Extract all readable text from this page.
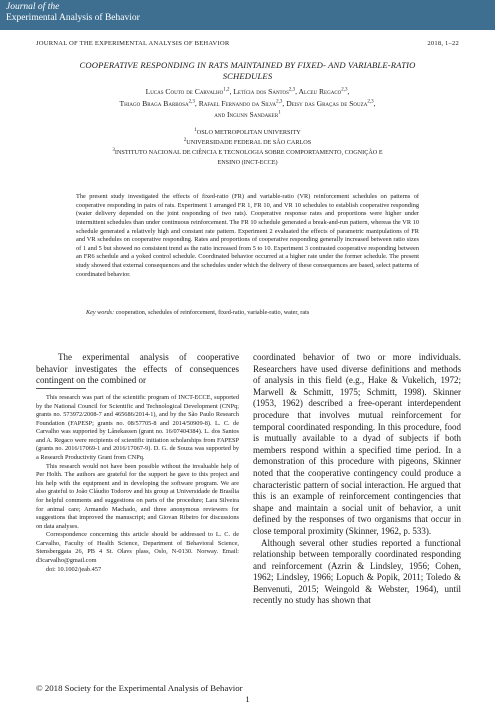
Journal of the
Experimental Analysis of Behavior
JOURNAL OF THE EXPERIMENTAL ANALYSIS OF BEHAVIOR	2018, 1–22
COOPERATIVE RESPONDING IN RATS MAINTAINED BY FIXED- AND VARIABLE-RATIO SCHEDULES
Lucas Couto de Carvalho$^{1,2}$, Letícia dos Santos$^{2,3}$, Alceu Regaco$^{2,3}$,
Thiago Braga Barbosa$^{2,3}$, Rafael Fernando da Silva$^{2,3}$, Deisy das Graças de Souza$^{2,3}$,
and Ingunn Sandaker$^1$
$^1$OSLO METROPOLITAN UNIVERSITY
$^2$UNIVERSIDADE FEDERAL DE SÃO CARLOS
$^3$INSTITUTO NACIONAL DE CIÊNCIA E TECNOLOGIA SOBRE COMPORTAMENTO, COGNIÇÃO E ENSINO (INCT-ECCE)
The present study investigated the effects of fixed-ratio (FR) and variable-ratio (VR) reinforcement schedules on patterns of cooperative responding in pairs of rats. Experiment 1 arranged FR 1, FR 10, and VR 10 schedules to establish cooperative responding (water delivery depended on the joint responding of two rats). Cooperative response rates and proportions were higher under intermittent schedules than under continuous reinforcement. The FR 10 schedule generated a break-and-run pattern, whereas the VR 10 schedule generated a relatively high and constant rate pattern. Experiment 2 evaluated the effects of parametric manipulations of FR and VR schedules on cooperative responding. Rates and proportions of cooperative responding generally increased between ratio sizes of 1 and 5 but showed no consistent trend as the ratio increased from 5 to 10. Experiment 3 contrasted cooperative responding between an FR6 schedule and a yoked control schedule. Coordinated behavior occurred at a higher rate under the former schedule. The present study showed that external consequences and the schedules under which the delivery of these consequences are based, select patterns of coordinated behavior.
Key words: cooperation, schedules of reinforcement, fixed-ratio, variable-ratio, water, rats
The experimental analysis of cooperative behavior investigates the effects of consequences contingent on the combined or

This research was part of the scientific program of INCT-ECCE, supported by the National Council for Scientific and Technological Development (CNPq; grants no. 573972/2008-7 and 465686/2014-1), and by the São Paulo Research Foundation (FAPESP; grants no. 08/57705-8 and 2014/50909-8). L. C. de Carvalho was supported by Lånekassen (grant no. 16/07404384). L. dos Santos and A. Regaco were recipients of scientific initiation scholarships from FAPESP (grants no. 2016/17069-1 and 2016/17067-9). D. G. de Souza was supported by a Research Productivity Grant from CNPq.

This research would not have been possible without the invaluable help of Per Holth. The authors are grateful for the support he gave to this project and his help with the equipment and in developing the software program. We are also grateful to João Cláudio Todorov and his group at Universidade de Brasília for helpful comments and suggestions on parts of the procedure; Lara Silveira for animal care; Armando Machado, and three anonymous reviewers for suggestions that improved the manuscript; and Giovan Ribeiro for discussions on data analyses.

Correspondence concerning this article should be addressed to L. C. de Carvalho, Faculty of Health Science, Department of Behavioral Science, Stensberggata 26, PB 4 St. Olavs plass, Oslo, N-0130. Norway. Email: d3carvalho@gmail.com

doi: 10.1002/jeab.457

coordinated behavior of two or more individuals. Researchers have used diverse definitions and methods of analysis in this field (e.g., Hake & Vukelich, 1972; Marwell & Schmitt, 1975; Schmitt, 1998). Skinner (1953, 1962) described a free-operant interdependent procedure that involves mutual reinforcement for temporal coordinated responding. In this procedure, food is mutually available to a dyad of subjects if both members respond within a specified time period. In a demonstration of this procedure with pigeons, Skinner noted that the cooperative contingency could produce a characteristic pattern of social interaction. He argued that this is an example of reinforcement contingencies that shape and maintain a social unit of behavior, a unit defined by the responses of two organisms that occur in close temporal proximity (Skinner, 1962, p. 533).

Although several other studies reported a functional relationship between temporally coordinated responding and reinforcement (Azrin & Lindsley, 1956; Cohen, 1962; Lindsley, 1966; Lopuch & Popik, 2011; Toledo & Benvenuti, 2015; Weingold & Webster, 1964), until recently no study has shown that

© 2018 Society for the Experimental Analysis of Behavior
1
